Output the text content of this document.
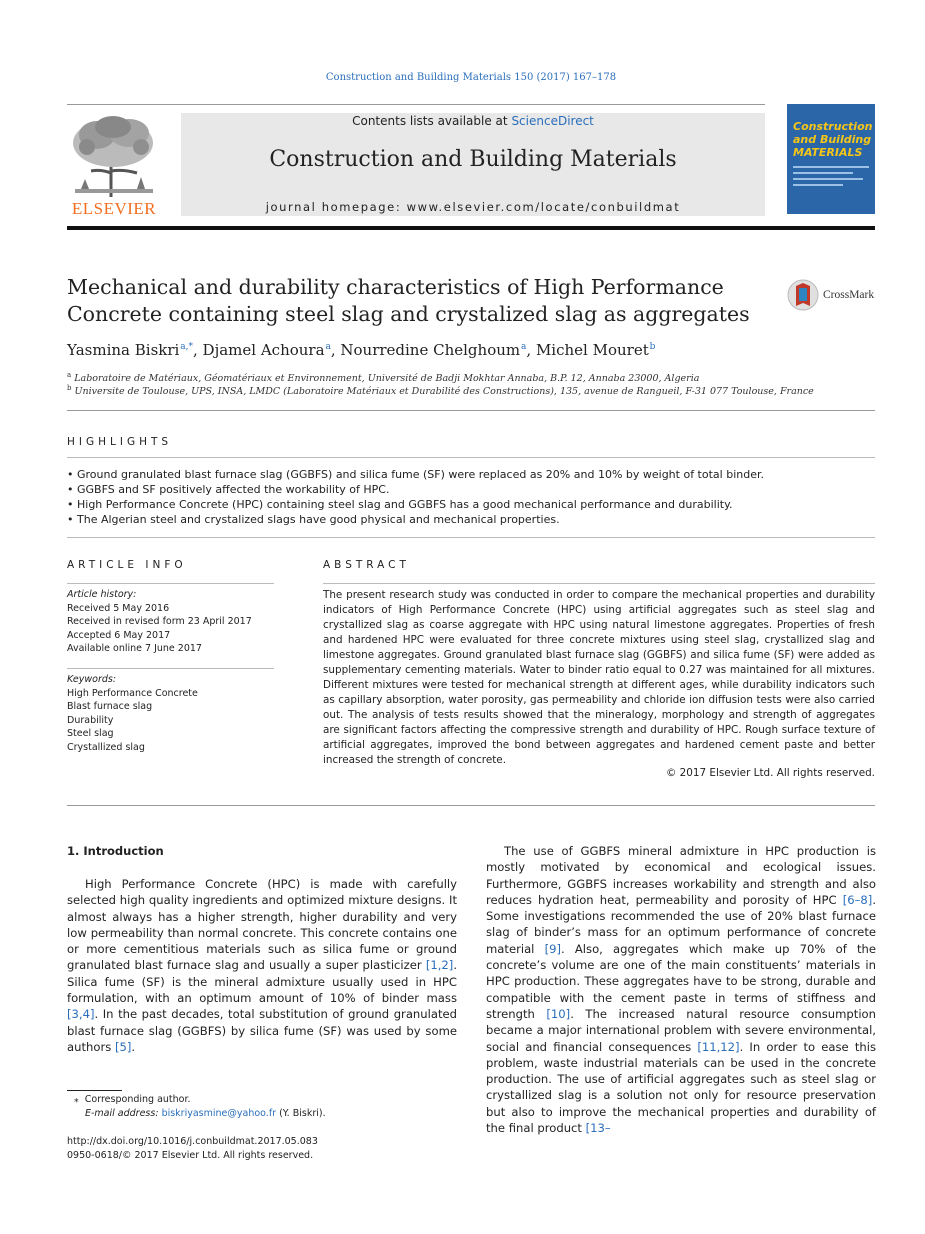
Construction and Building Materials 150 (2017) 167–178
ELSEVIER
Contents lists available at ScienceDirect
Construction and Building Materials
journal homepage: www.elsevier.com/locate/conbuildmat
Construction and Building MATERIALS
Mechanical and durability characteristics of High Performance Concrete containing steel slag and crystalized slag as aggregates
CrossMark
Yasmina Biskri $^{a,*}$, Djamel Achoura $^a$, Nourredine Chelghoum $^a$, Michel Mouret $^b$
$^a$ Laboratoire de Matériaux, Géomatériaux et Environnement, Université de Badji Mokhtar Annaba, B.P. 12, Annaba 23000, Algeria
$^b$ Universite de Toulouse, UPS, INSA, LMDC (Laboratoire Matériaux et Durabilité des Constructions), 135, avenue de Rangueil, F-31 077 Toulouse, France
HIGHLIGHTS
• Ground granulated blast furnace slag (GGBFS) and silica fume (SF) were replaced as 20% and 10% by weight of total binder.
• GGBFS and SF positively affected the workability of HPC.
• High Performance Concrete (HPC) containing steel slag and GGBFS has a good mechanical performance and durability.
• The Algerian steel and crystalized slags have good physical and mechanical properties.
ARTICLE INFO
Article history:
Received 5 May 2016
Received in revised form 23 April 2017
Accepted 6 May 2017
Available online 7 June 2017
Keywords:
High Performance Concrete
Blast furnace slag
Durability
Steel slag
Crystallized slag
ABSTRACT
The present research study was conducted in order to compare the mechanical properties and durability indicators of High Performance Concrete (HPC) using artificial aggregates such as steel slag and crystallized slag as coarse aggregate with HPC using natural limestone aggregates. Properties of fresh and hardened HPC were evaluated for three concrete mixtures using steel slag, crystallized slag and limestone aggregates. Ground granulated blast furnace slag (GGBFS) and silica fume (SF) were added as supplementary cementing materials. Water to binder ratio equal to 0.27 was maintained for all mixtures. Different mixtures were tested for mechanical strength at different ages, while durability indicators such as capillary absorption, water porosity, gas permeability and chloride ion diffusion tests were also carried out. The analysis of tests results showed that the mineralogy, morphology and strength of aggregates are significant factors affecting the compressive strength and durability of HPC. Rough surface texture of artificial aggregates, improved the bond between aggregates and hardened cement paste and better increased the strength of concrete.
© 2017 Elsevier Ltd. All rights reserved.
1. Introduction
High Performance Concrete (HPC) is made with carefully selected high quality ingredients and optimized mixture designs. It almost always has a higher strength, higher durability and very low permeability than normal concrete. This concrete contains one or more cementitious materials such as silica fume or ground granulated blast furnace slag and usually a super plasticizer [1,2]. Silica fume (SF) is the mineral admixture usually used in HPC formulation, with an optimum amount of 10% of binder mass [3,4]. In the past decades, total substitution of ground granulated blast furnace slag (GGBFS) by silica fume (SF) was used by some authors [5].
The use of GGBFS mineral admixture in HPC production is mostly motivated by economical and ecological issues. Furthermore, GGBFS increases workability and strength and also reduces hydration heat, permeability and porosity of HPC [6–8]. Some investigations recommended the use of 20% blast furnace slag of binder’s mass for an optimum performance of concrete material [9]. Also, aggregates which make up 70% of the concrete’s volume are one of the main constituents’ materials in HPC production. These aggregates have to be strong, durable and compatible with the cement paste in terms of stiffness and strength [10]. The increased natural resource consumption became a major international problem with severe environmental, social and financial consequences [11,12]. In order to ease this problem, waste industrial materials can be used in the concrete production. The use of artificial aggregates such as steel slag or crystallized slag is a solution not only for resource preservation but also to improve the mechanical properties and durability of the final product [13–
⁎ Corresponding author.
E-mail address: biskriyasmine@yahoo.fr (Y. Biskri).
http://dx.doi.org/10.1016/j.conbuildmat.2017.05.083
0950-0618/© 2017 Elsevier Ltd. All rights reserved.
